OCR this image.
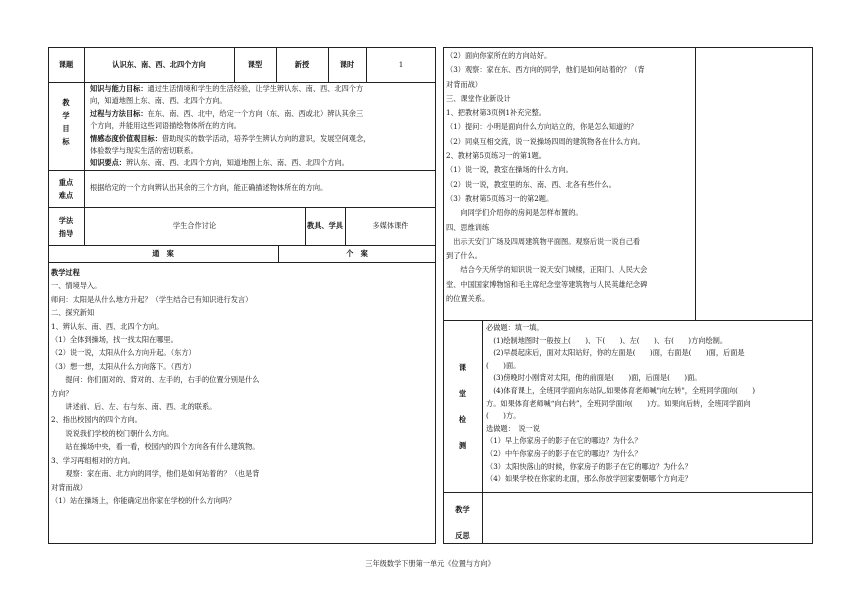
课题	认识东、南、西、北四个方向	课型	新授	课时	1
教
学
目
标
知识与能力目标：通过生活情境和学生的生活经验，让学生辨认东、南、西、北四个方
向，知道地图上东、南、西、北四个方向。
过程与方法目标：在东、南、西、北中，给定一个方向（东、南、西或北）辨认其余三
个方向，并能用这些词语描绘物体所在的方向。
情感态度价值观目标：借助现实的数学活动，培养学生辨认方向的意识，发展空间观念，
体验数学与现实生活的密切联系。
知识要点：辨认东、南、西、北四个方向，知道地图上东、南、西、北四个方向。
重点
难点
根据给定的一个方向辨认出其余的三个方向，能正确描述物体所在的方向。
学法
指导
学生合作讨论	教具、学具	多媒体课件
通　案	个　案
教学过程
一、情境导入。
师问：太阳是从什么地方升起？（学生结合已有知识进行发言）
二、探究新知
1、辨认东、南、西、北四个方向。
（1）全体到操场，找一找太阳在哪里。
（2）说一说，太阳从什么方向升起。（东方）
（3）想一想，太阳从什么方向落下。（西方）
　　提问：你们面对的、背对的、左手的，右手的位置分别是什么
方向？
　　讲述前、后、左、右与东、南、西、北的联系。
2、指出校园内的四个方向。
　　说说我们学校的校门朝什么方向。
　　站在操场中央，看一看，校园内的四个方向各有什么建筑物。
3、学习再组相对的方向。
　　观察：家在南、北方向的同学，他们是如何站着的？（也是背
对背而战）
（1）站在操场上，你能确定出你家在学校的什么方向吗？
（2）面向你家所在的方向站好。
（3）观察：家在东、西方向的同学，他们是如何站着的？（背
对背而战）
三、课堂作业新设计
1、把教材第3页例1补充完整。
（1）提问：小明是面向什么方向站立的，你是怎么知道的？
（2）同桌互相交流，说一说操场四周的建筑物各在什么方向。
2、教材第5页练习一的第1题。
（1）说一说，教室在操场的什么方向。
（2）说一说，教室里的东、南、西、北各有些什么。
（3）教材第5页练习一的第2题。
　　向同学们介绍你的房间是怎样布置的。
四、思维训练
　出示天安门广场及四周建筑物平面图。观察后说一说自己看
到了什么。
　　结合今天所学的知识说一说天安门城楼，正阳门、人民大会
堂、中国国家博物馆和毛主席纪念堂等建筑物与人民英雄纪念碑
的位置关系。
课
堂
检
测
必做题：填一填。
　(1)绘制地图时一般按上(　　)、下(　　)、左(　　)、右(　　)方向绘制。
　(2)早晨起床后，面对太阳站好，你的左面是(　　)面，右面是(　　)面，后面是
(　　)面。
　(3)傍晚时小刚背对太阳，他的前面是(　　)面，后面是(　　)面。
　(4)体育课上，全班同学面向东站队,如果体育老师喊"向左转"，全班同学面向(　　)
方。如果体育老师喊“向右转”，全班同学面向(　　)方。如果向后转，全班同学面向
(　　)方。
选做题：　说一说
（1）早上你家房子的影子在它的哪边？为什么？
（2）中午你家房子的影子在它的哪边？为什么？
（3）太阳快落山的时候，你家房子的影子在它的哪边？为什么？
（4）如果学校在你家的北面，那么你放学回家要朝哪个方向走？
教学
反思
三年级数学下册第一单元《位置与方向》
